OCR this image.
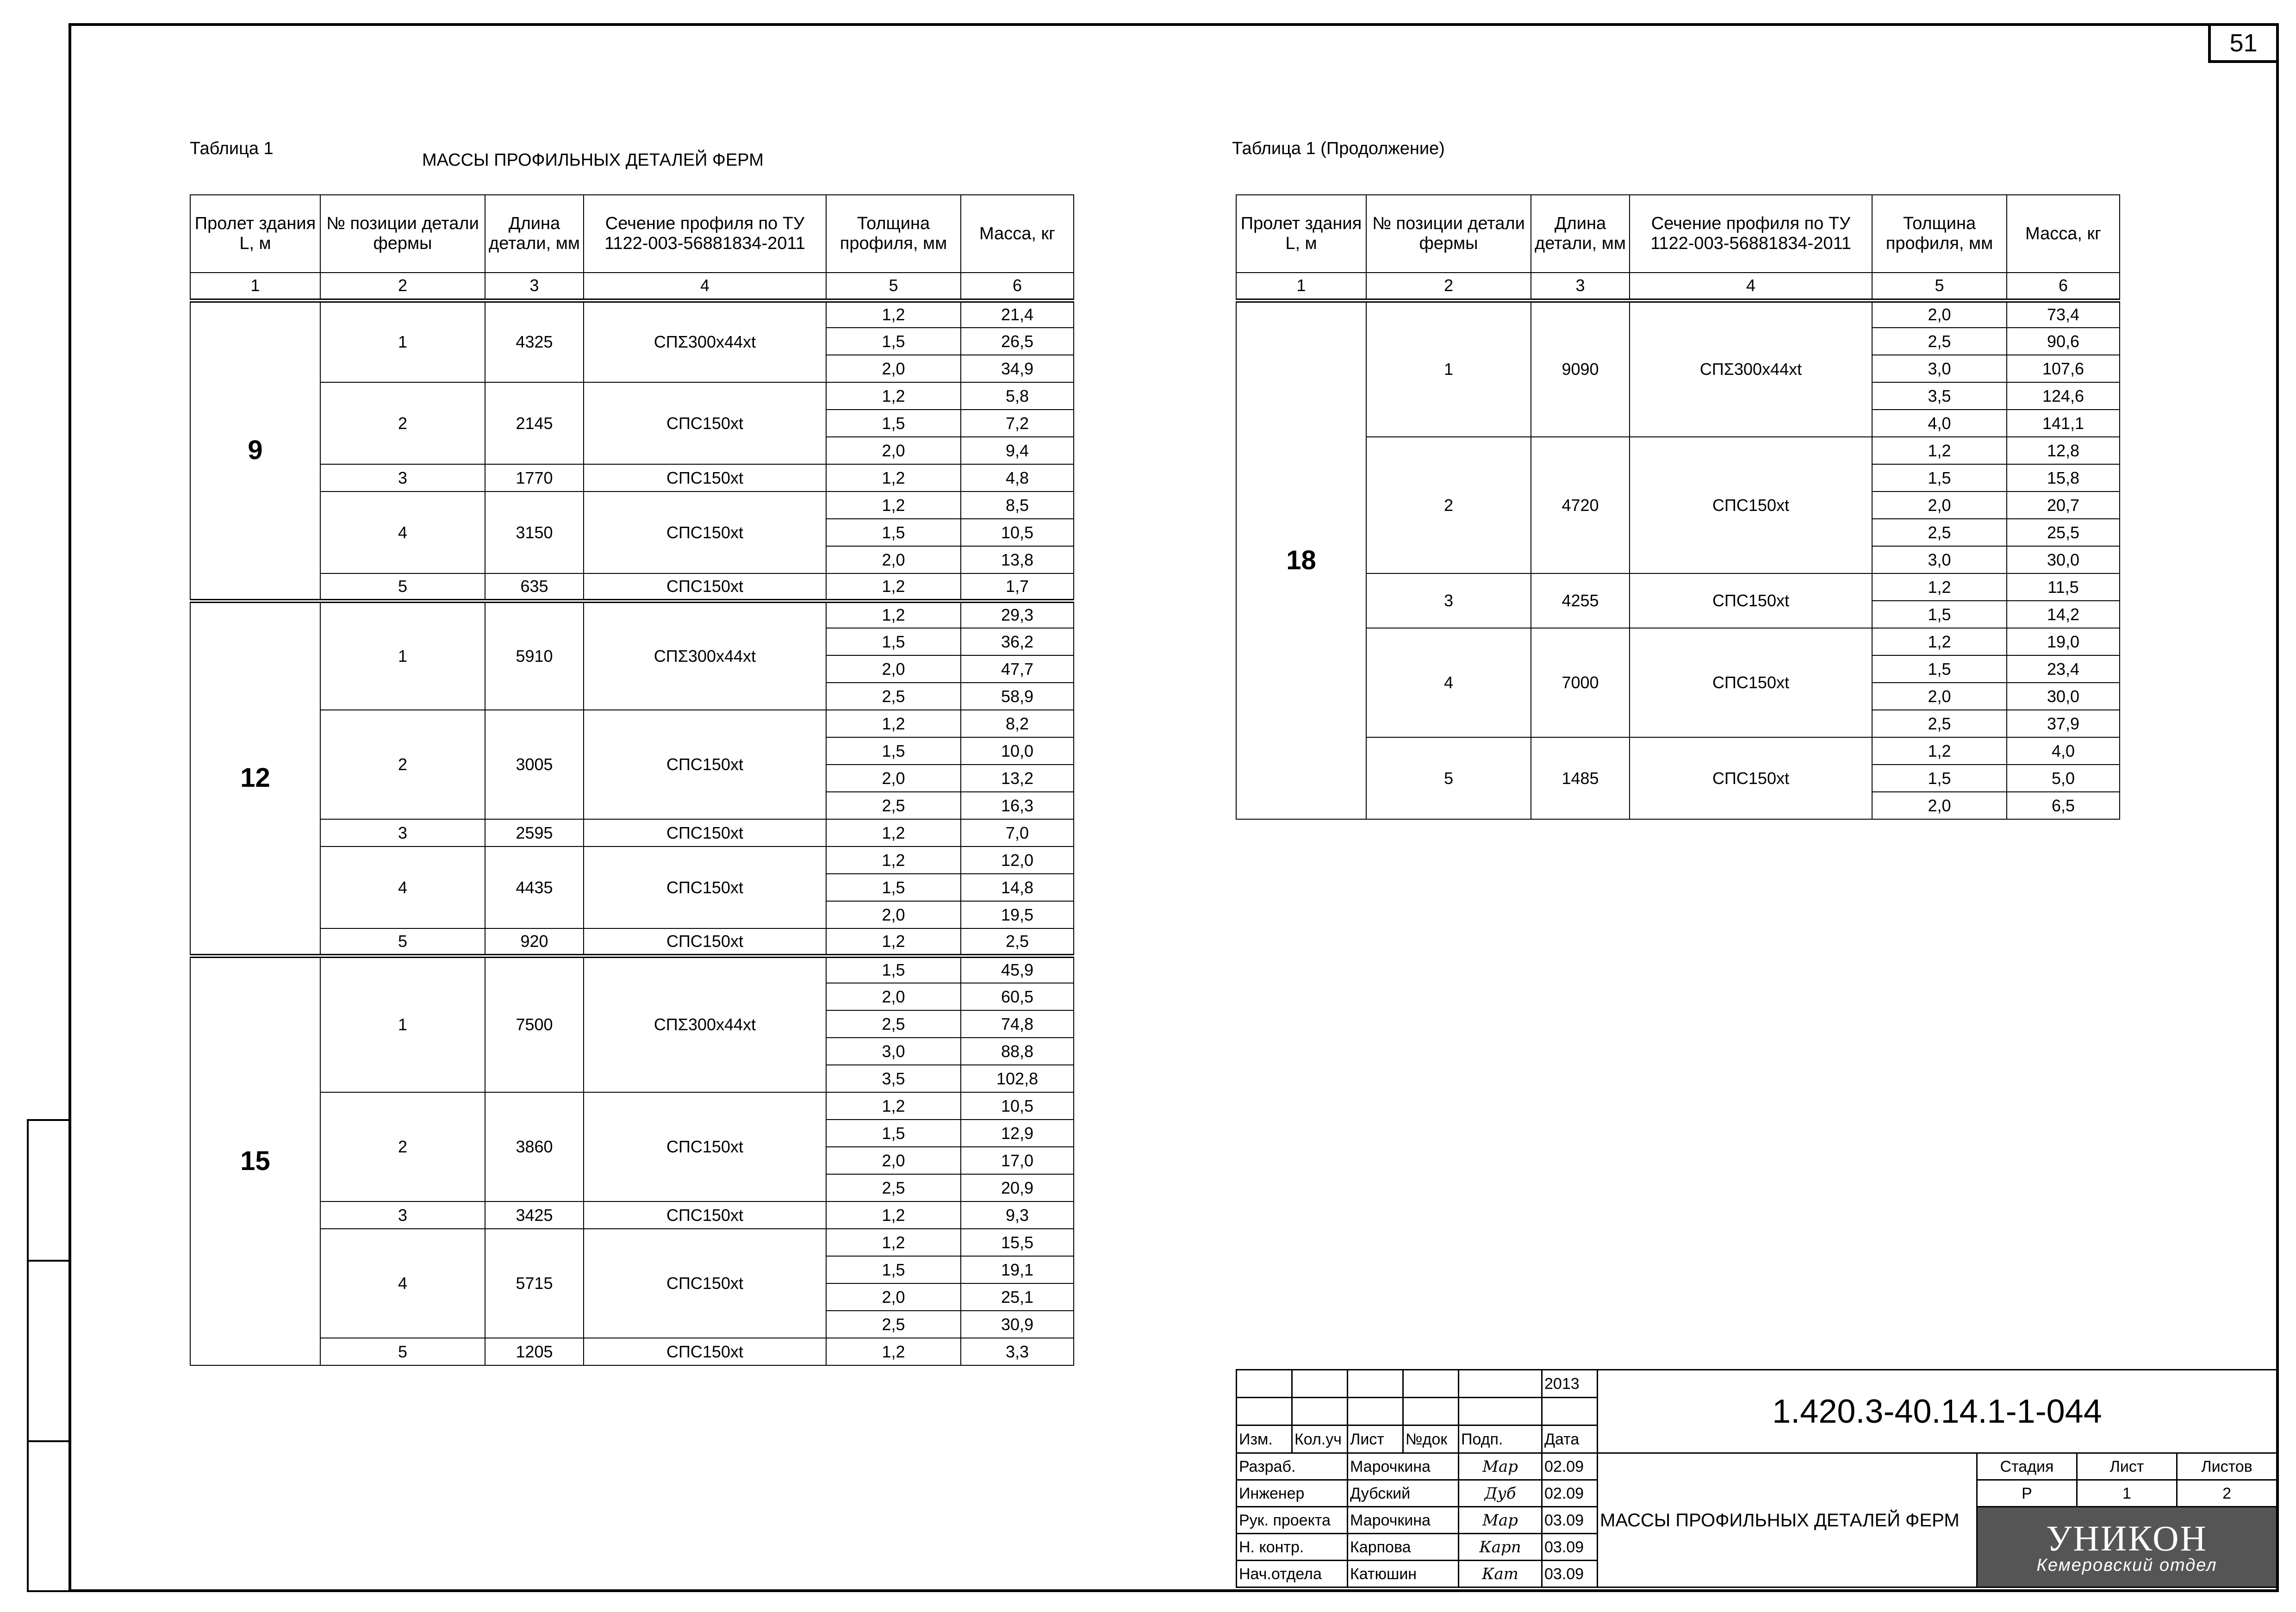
51
Таблица 1
МАССЫ ПРОФИЛЬНЫХ ДЕТАЛЕЙ ФЕРМ
Таблица 1 (Продолжение)
Пролет здания L, м	№ позиции детали фермы	Длина детали, мм	Сечение профиля по ТУ 1122-003-56881834-2011	Толщина профиля, мм	Масса, кг
1	2	3	4	5	6
9	1	4325	СПΣ300х44хt	1,2	21,4
				1,5	26,5
				2,0	34,9
	2	2145	СПС150хt	1,2	5,8
				1,5	7,2
				2,0	9,4
	3	1770	СПС150хt	1,2	4,8
	4	3150	СПС150хt	1,2	8,5
				1,5	10,5
				2,0	13,8
	5	635	СПС150хt	1,2	1,7
12	1	5910	СПΣ300х44хt	1,2	29,3
				1,5	36,2
				2,0	47,7
				2,5	58,9
	2	3005	СПС150хt	1,2	8,2
				1,5	10,0
				2,0	13,2
				2,5	16,3
	3	2595	СПС150хt	1,2	7,0
	4	4435	СПС150хt	1,2	12,0
				1,5	14,8
				2,0	19,5
	5	920	СПС150хt	1,2	2,5
15	1	7500	СПΣ300х44хt	1,5	45,9
				2,0	60,5
				2,5	74,8
				3,0	88,8
				3,5	102,8
	2	3860	СПС150хt	1,2	10,5
				1,5	12,9
				2,0	17,0
				2,5	20,9
	3	3425	СПС150хt	1,2	9,3
	4	5715	СПС150хt	1,2	15,5
				1,5	19,1
				2,0	25,1
				2,5	30,9
	5	1205	СПС150хt	1,2	3,3
Пролет здания L, м	№ позиции детали фермы	Длина детали, мм	Сечение профиля по ТУ 1122-003-56881834-2011	Толщина профиля, мм	Масса, кг
1	2	3	4	5	6
18	1	9090	СПΣ300х44хt	2,0	73,4
				2,5	90,6
				3,0	107,6
				3,5	124,6
				4,0	141,1
	2	4720	СПС150хt	1,2	12,8
				1,5	15,8
				2,0	20,7
				2,5	25,5
				3,0	30,0
	3	4255	СПС150хt	1,2	11,5
				1,5	14,2
	4	7000	СПС150хt	1,2	19,0
				1,5	23,4
				2,0	30,0
				2,5	37,9
	5	1485	СПС150хt	1,2	4,0
				1,5	5,0
				2,0	6,5
					2013	1.420.3-40.14.1-1-044			

Изм.	Кол.уч	Лист	№док	Подп.	Дата				
Разраб.		Марочкина		Мар	02.09	МАССЫ ПРОФИЛЬНЫХ ДЕТАЛЕЙ ФЕРМ	Стадия	Лист	Листов
Инженер		Дубский		Дуб	02.09		Р	1	2
Рук. проекта		Марочкина		Мар	03.09		УНИКОН
Кемеровский отдел		

Н. контр.		Карпова		Карп	03.09				
Нач.отдела		Катюшин		Кат	03.09				
